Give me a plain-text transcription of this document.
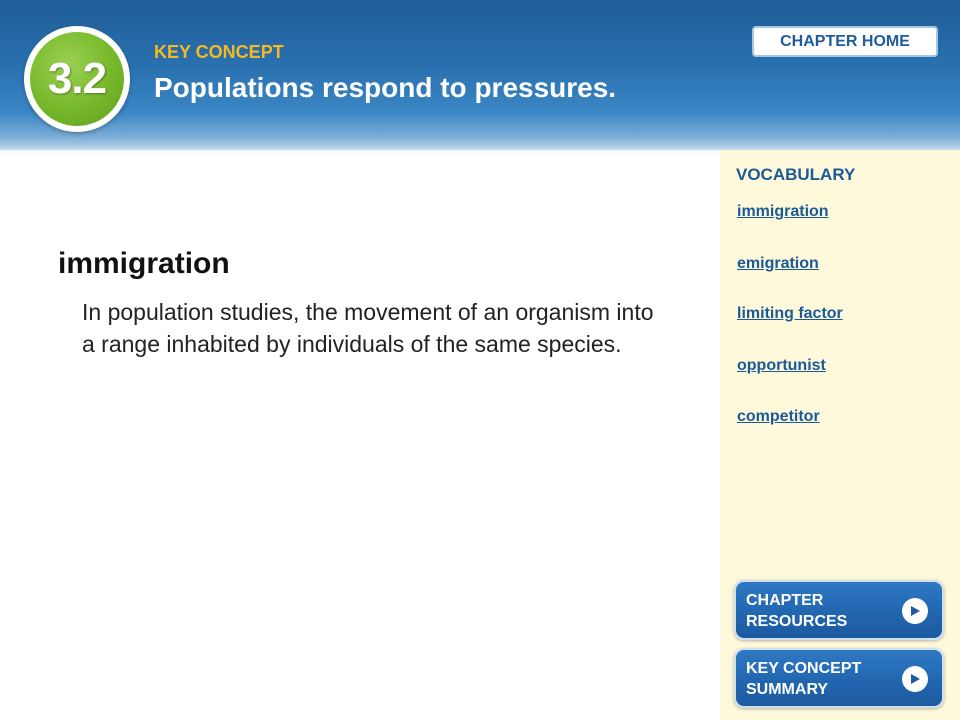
3.2
KEY CONCEPT
Populations respond to pressures.
CHAPTER HOME
VOCABULARY
immigration
emigration
limiting factor
opportunist
competitor
CHAPTER
RESOURCES
KEY CONCEPT
SUMMARY
immigration
In population studies, the movement of an organism into a range inhabited by individuals of the same species.
